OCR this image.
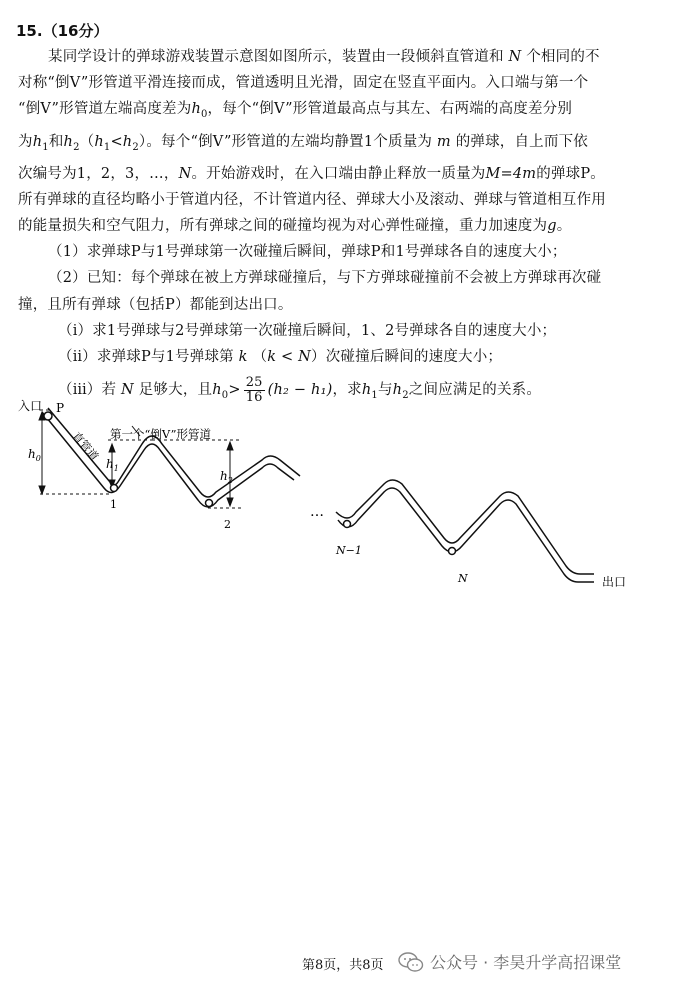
15.（16分）
某同学设计的弹球游戏装置示意图如图所示，装置由一段倾斜直管道和 N 个相同的不
对称“倒V”形管道平滑连接而成，管道透明且光滑，固定在竖直平面内。入口端与第一个
“倒V”形管道左端高度差为$h_0$，每个“倒V”形管道最高点与其左、右两端的高度差分别
为$h_1$和$h_2(h_1<h_2)$。每个“倒V”形管道的左端均静置1个质量为 m 的弹球，自上而下依
次编号为1，2，3，…，N。开始游戏时，在入口端由静止释放一质量为M=4m的弹球P。
所有弹球的直径均略小于管道内径，不计管道内径、弹球大小及滚动、弹球与管道相互作用
的能量损失和空气阻力，所有弹球之间的碰撞均视为对心弹性碰撞，重力加速度为g。
（1）求弹球P与1号弹球第一次碰撞后瞬间，弹球P和1号弹球各自的速度大小；
（2）已知：每个弹球在被上方弹球碰撞后，与下方弹球碰撞前不会被上方弹球再次碰
撞，且所有弹球（包括P）都能到达出口。
（ⅰ）求1号弹球与2号弹球第一次碰撞后瞬间，1、2号弹球各自的速度大小；
（ⅱ）求弹球P与1号弹球第 k （k < N）次碰撞后瞬间的速度大小；
（ⅲ）若 N 足够大，且$h_0> \frac{25}{16} (h_2 - h_1)$，求$h_1$与$h_2$之间应满足的关系。
入口 P
直管道 第一个“倒V”形管道
$h_0$	$h_1$
$h_2$
1
2
…
N−1
N	出口
第8页，共8页	公众号 · 李昊升学高招课堂
